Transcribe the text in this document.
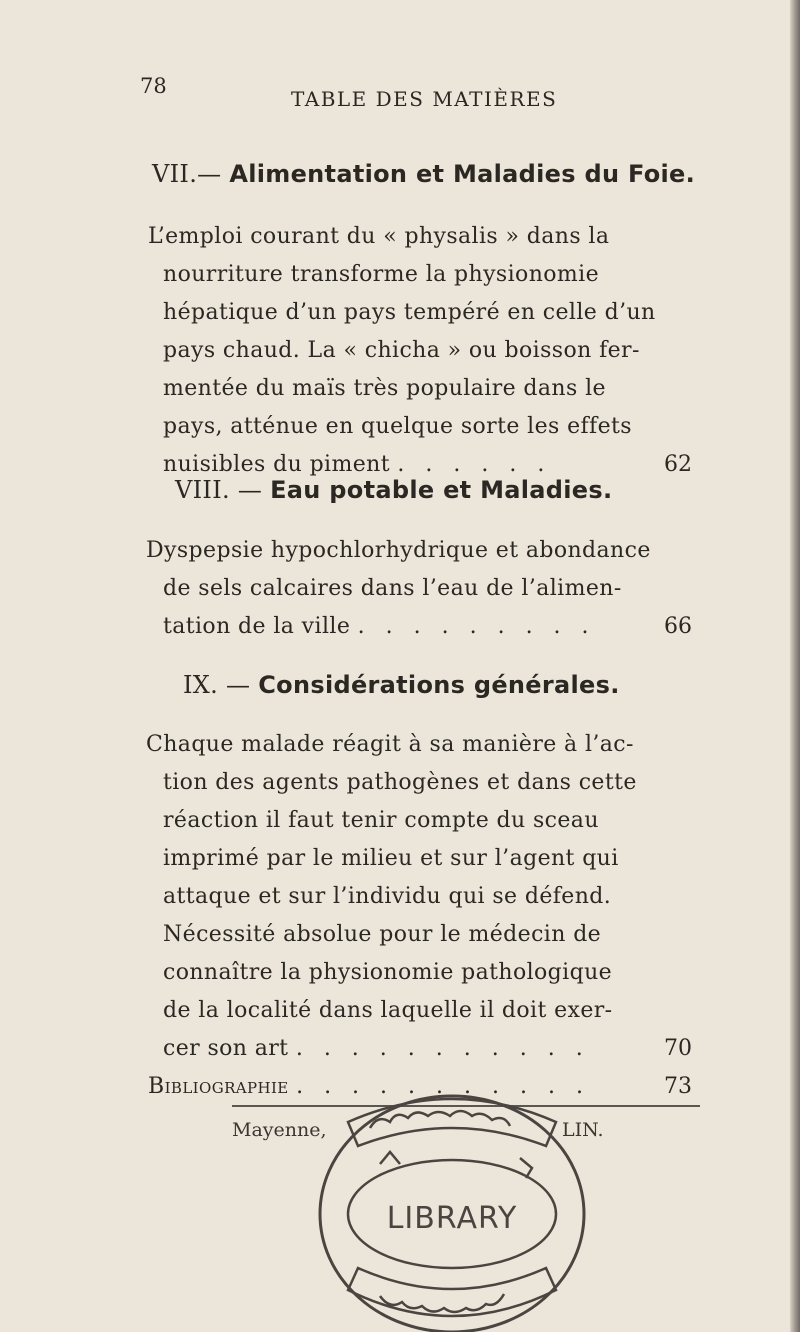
78
TABLE DES MATIÈRES
VII.— Alimentation et Maladies du Foie.
L’emploi courant du « physalis » dans la
nourriture transforme la physionomie
hépatique d’un pays tempéré en celle d’un
pays chaud. La « chicha » ou boisson fer-
mentée du maïs très populaire dans le
pays, atténue en quelque sorte les effets
nuisibles du piment . . . . . .	62
VIII. — Eau potable et Maladies.
Dyspepsie hypochlorhydrique et abondance
de sels calcaires dans l’eau de l’alimen-
tation de la ville . . . . . . . . .	66
IX. — Considérations générales.
Chaque malade réagit à sa manière à l’ac-
tion des agents pathogènes et dans cette
réaction il faut tenir compte du sceau
imprimé par le milieu et sur l’agent qui
attaque et sur l’individu qui se défend.
Nécessité absolue pour le médecin de
connaître la physionomie pathologique
de la localité dans laquelle il doit exer-
cer son art . . . . . . . . . . .	70
Bibliographie . . . . . . . . . . .	73
Mayenne,	LIN.
LIBRARY
